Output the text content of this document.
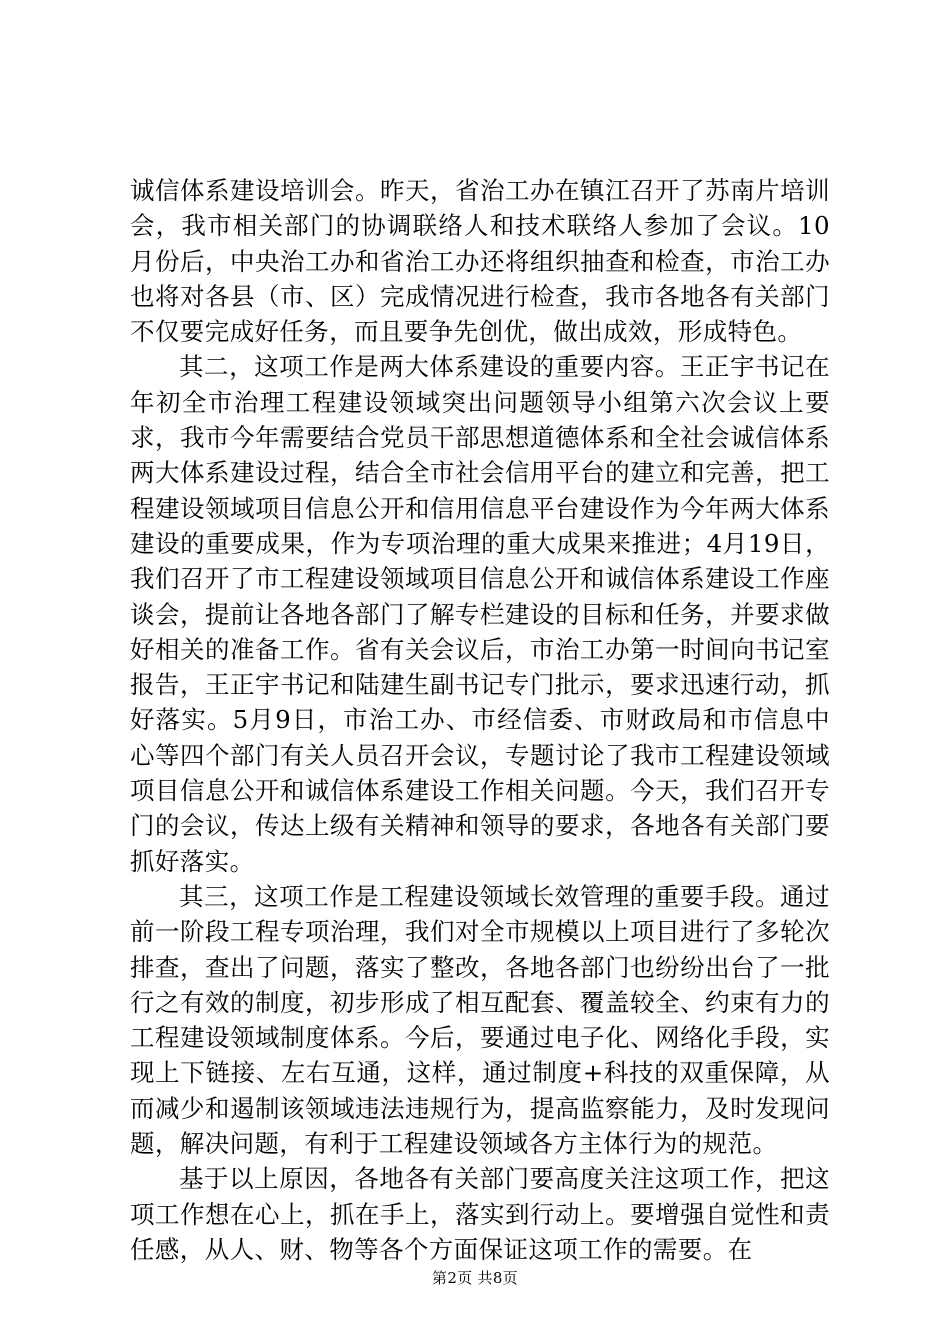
诚信体系建设培训会。昨天，省治工办在镇江召开了苏南片培训会，我市相关部门的协调联络人和技术联络人参加了会议。10月份后，中央治工办和省治工办还将组织抽查和检查，市治工办也将对各县（市、区）完成情况进行检查，我市各地各有关部门不仅要完成好任务，而且要争先创优，做出成效，形成特色。

其二，这项工作是两大体系建设的重要内容。王正宇书记在年初全市治理工程建设领域突出问题领导小组第六次会议上要求，我市今年需要结合党员干部思想道德体系和全社会诚信体系两大体系建设过程，结合全市社会信用平台的建立和完善，把工程建设领域项目信息公开和信用信息平台建设作为今年两大体系建设的重要成果，作为专项治理的重大成果来推进；4月19日，我们召开了市工程建设领域项目信息公开和诚信体系建设工作座谈会，提前让各地各部门了解专栏建设的目标和任务，并要求做好相关的准备工作。省有关会议后，市治工办第一时间向书记室报告，王正宇书记和陆建生副书记专门批示，要求迅速行动，抓好落实。5月9日，市治工办、市经信委、市财政局和市信息中心等四个部门有关人员召开会议，专题讨论了我市工程建设领域项目信息公开和诚信体系建设工作相关问题。今天，我们召开专门的会议，传达上级有关精神和领导的要求，各地各有关部门要抓好落实。

其三，这项工作是工程建设领域长效管理的重要手段。通过前一阶段工程专项治理，我们对全市规模以上项目进行了多轮次排查，查出了问题，落实了整改，各地各部门也纷纷出台了一批行之有效的制度，初步形成了相互配套、覆盖较全、约束有力的工程建设领域制度体系。今后，要通过电子化、网络化手段，实现上下链接、左右互通，这样，通过制度+科技的双重保障，从而减少和遏制该领域违法违规行为，提高监察能力，及时发现问题，解决问题，有利于工程建设领域各方主体行为的规范。

基于以上原因，各地各有关部门要高度关注这项工作，把这项工作想在心上，抓在手上，落实到行动上。要增强自觉性和责任感，从人、财、物等各个方面保证这项工作的需要。在

第2页 共8页
